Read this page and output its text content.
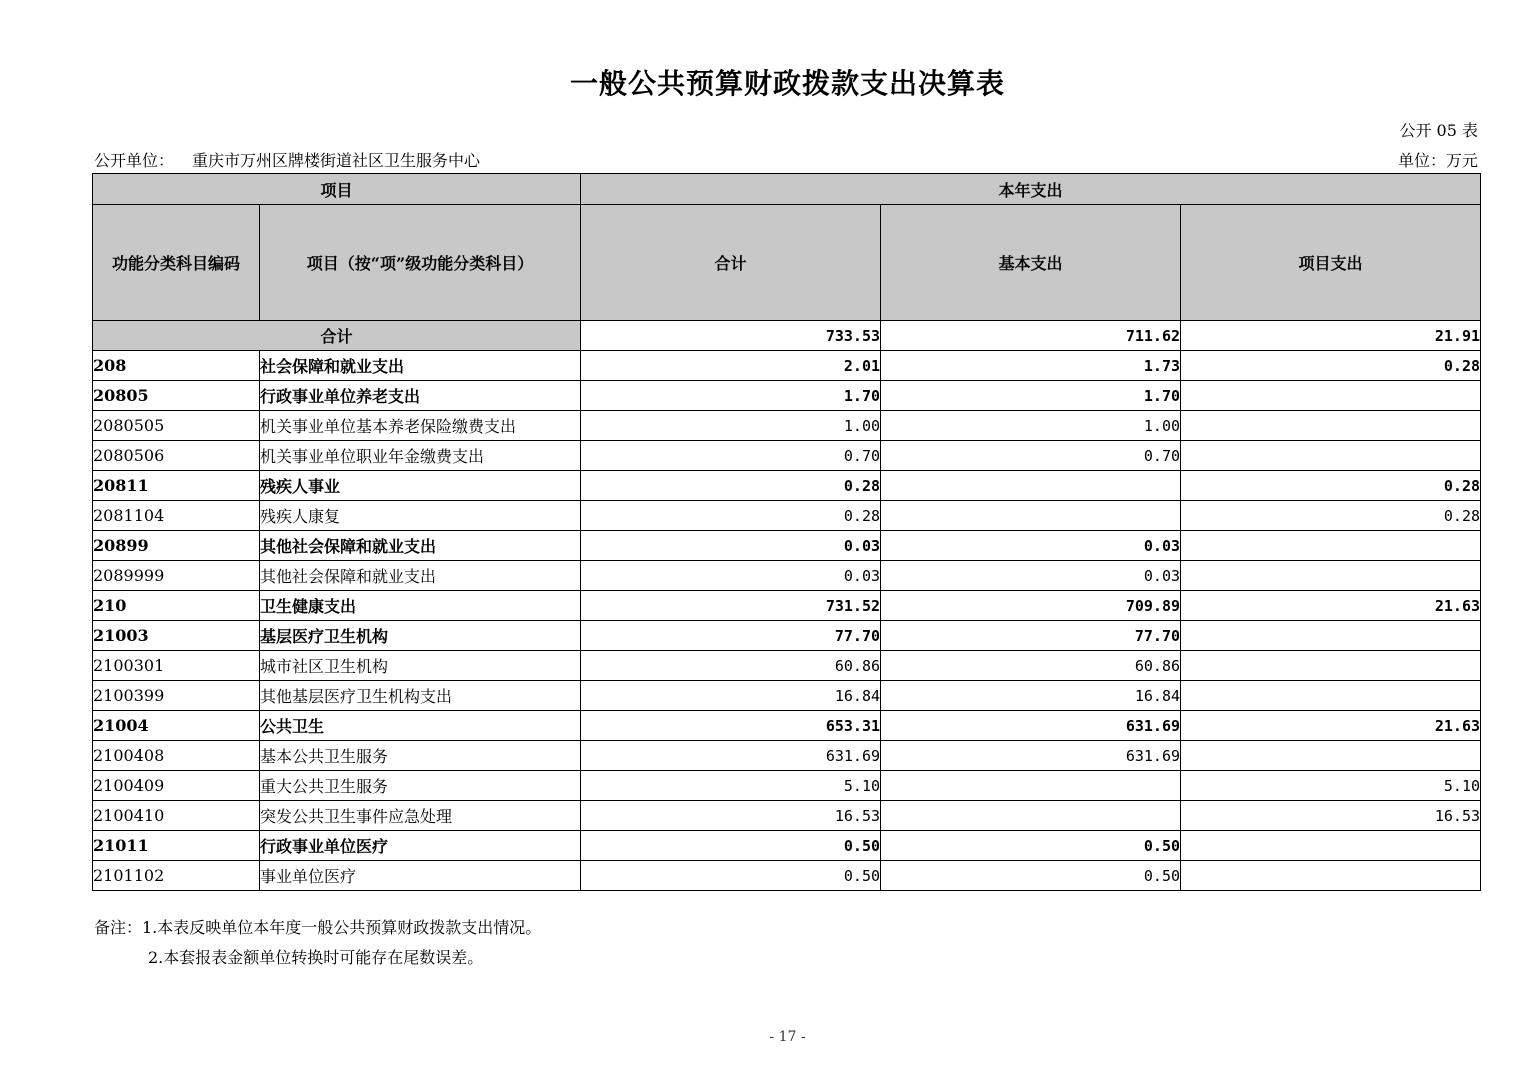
一般公共预算财政拨款支出决算表
公开 05 表
公开单位： 重庆市万州区牌楼街道社区卫生服务中心	单位：万元
项目		本年支出		
功能分类科目编码	项目（按“项”级功能分类科目）	合计	基本支出	项目支出
合计		733.53	711.62	21.91
208	社会保障和就业支出	2.01	1.73	0.28
20805	行政事业单位养老支出	1.70	1.70	
2080505	机关事业单位基本养老保险缴费支出	1.00	1.00	
2080506	机关事业单位职业年金缴费支出	0.70	0.70	
20811	残疾人事业	0.28		0.28
2081104	残疾人康复	0.28		0.28
20899	其他社会保障和就业支出	0.03	0.03	
2089999	其他社会保障和就业支出	0.03	0.03	
210	卫生健康支出	731.52	709.89	21.63
21003	基层医疗卫生机构	77.70	77.70	
2100301	城市社区卫生机构	60.86	60.86	
2100399	其他基层医疗卫生机构支出	16.84	16.84	
21004	公共卫生	653.31	631.69	21.63
2100408	基本公共卫生服务	631.69	631.69	
2100409	重大公共卫生服务	5.10		5.10
2100410	突发公共卫生事件应急处理	16.53		16.53
21011	行政事业单位医疗	0.50	0.50	
2101102	事业单位医疗	0.50	0.50	
备注：1.本表反映单位本年度一般公共预算财政拨款支出情况。
2.本套报表金额单位转换时可能存在尾数误差。
- 17 -
